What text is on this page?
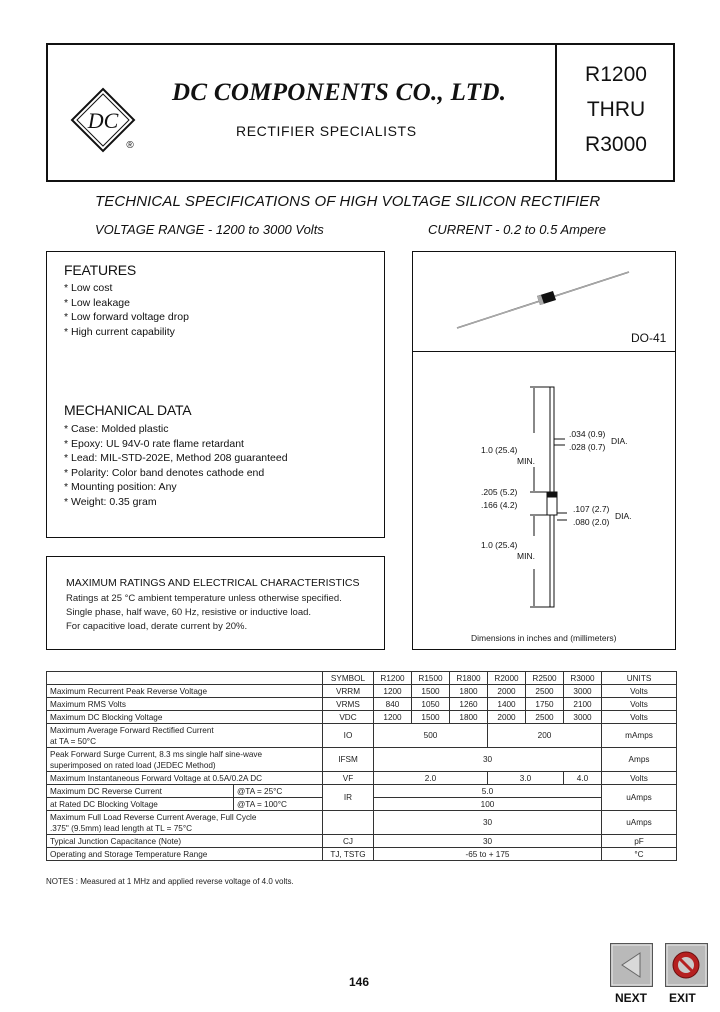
DC
®
DC COMPONENTS CO., LTD.
RECTIFIER SPECIALISTS
R1200
THRU
R3000
TECHNICAL SPECIFICATIONS OF HIGH VOLTAGE SILICON RECTIFIER
VOLTAGE RANGE - 1200 to 3000 Volts	CURRENT - 0.2 to 0.5 Ampere
FEATURES
* Low cost
* Low leakage
* Low forward voltage drop
* High current capability
MECHANICAL DATA
* Case: Molded plastic
* Epoxy: UL 94V-0 rate flame retardant
* Lead: MIL-STD-202E, Method 208 guaranteed
* Polarity: Color band denotes cathode end
* Mounting position: Any
* Weight: 0.35 gram
MAXIMUM RATINGS AND ELECTRICAL CHARACTERISTICS
Ratings at 25 °C ambient temperature unless otherwise specified.
Single phase, half wave, 60 Hz, resistive or inductive load.
For capacitive load, derate current by 20%.
DO-41
.034 (0.9)
.028 (0.7)
DIA.
1.0 (25.4)
MIN.
.205 (5.2)
.166 (4.2)	.107 (2.7)
.080 (2.0)
DIA.
1.0 (25.4)
MIN.
Dimensions in inches and (millimeters)
		SYMBOL	R1200	R1500	R1800	R2000	R2500	R3000	UNITS
Maximum Recurrent Peak Reverse Voltage		VRRM	1200	1500	1800	2000	2500	3000	Volts
Maximum RMS Volts		VRMS	840	1050	1260	1400	1750	2100	Volts
Maximum DC Blocking Voltage		VDC	1200	1500	1800	2000	2500	3000	Volts

Maximum Average Forward Rectified Current
at TA = 50°C		IO	500			200			mAmps

Peak Forward Surge Current, 8.3 ms single half sine-wave
superimposed on rated load (JEDEC Method)		IFSM	30						Amps
Maximum Instantaneous Forward Voltage at 0.5A/0.2A DC		VF	2.0			3.0		4.0	Volts
Maximum DC Reverse Current	@TA = 25°C	IR	5.0						uAmps
at Rated DC Blocking Voltage	@TA = 100°C		100						

Maximum Full Load Reverse Current Average, Full Cycle
.375" (9.5mm) lead length at TL = 75°C			30						uAmps
Typical Junction Capacitance (Note)		CJ	30						pF
Operating and Storage Temperature Range		TJ, TSTG	-65 to + 175						°C
NOTES : Measured at 1 MHz and applied reverse voltage of 4.0 volts.
146
NEXT EXIT
